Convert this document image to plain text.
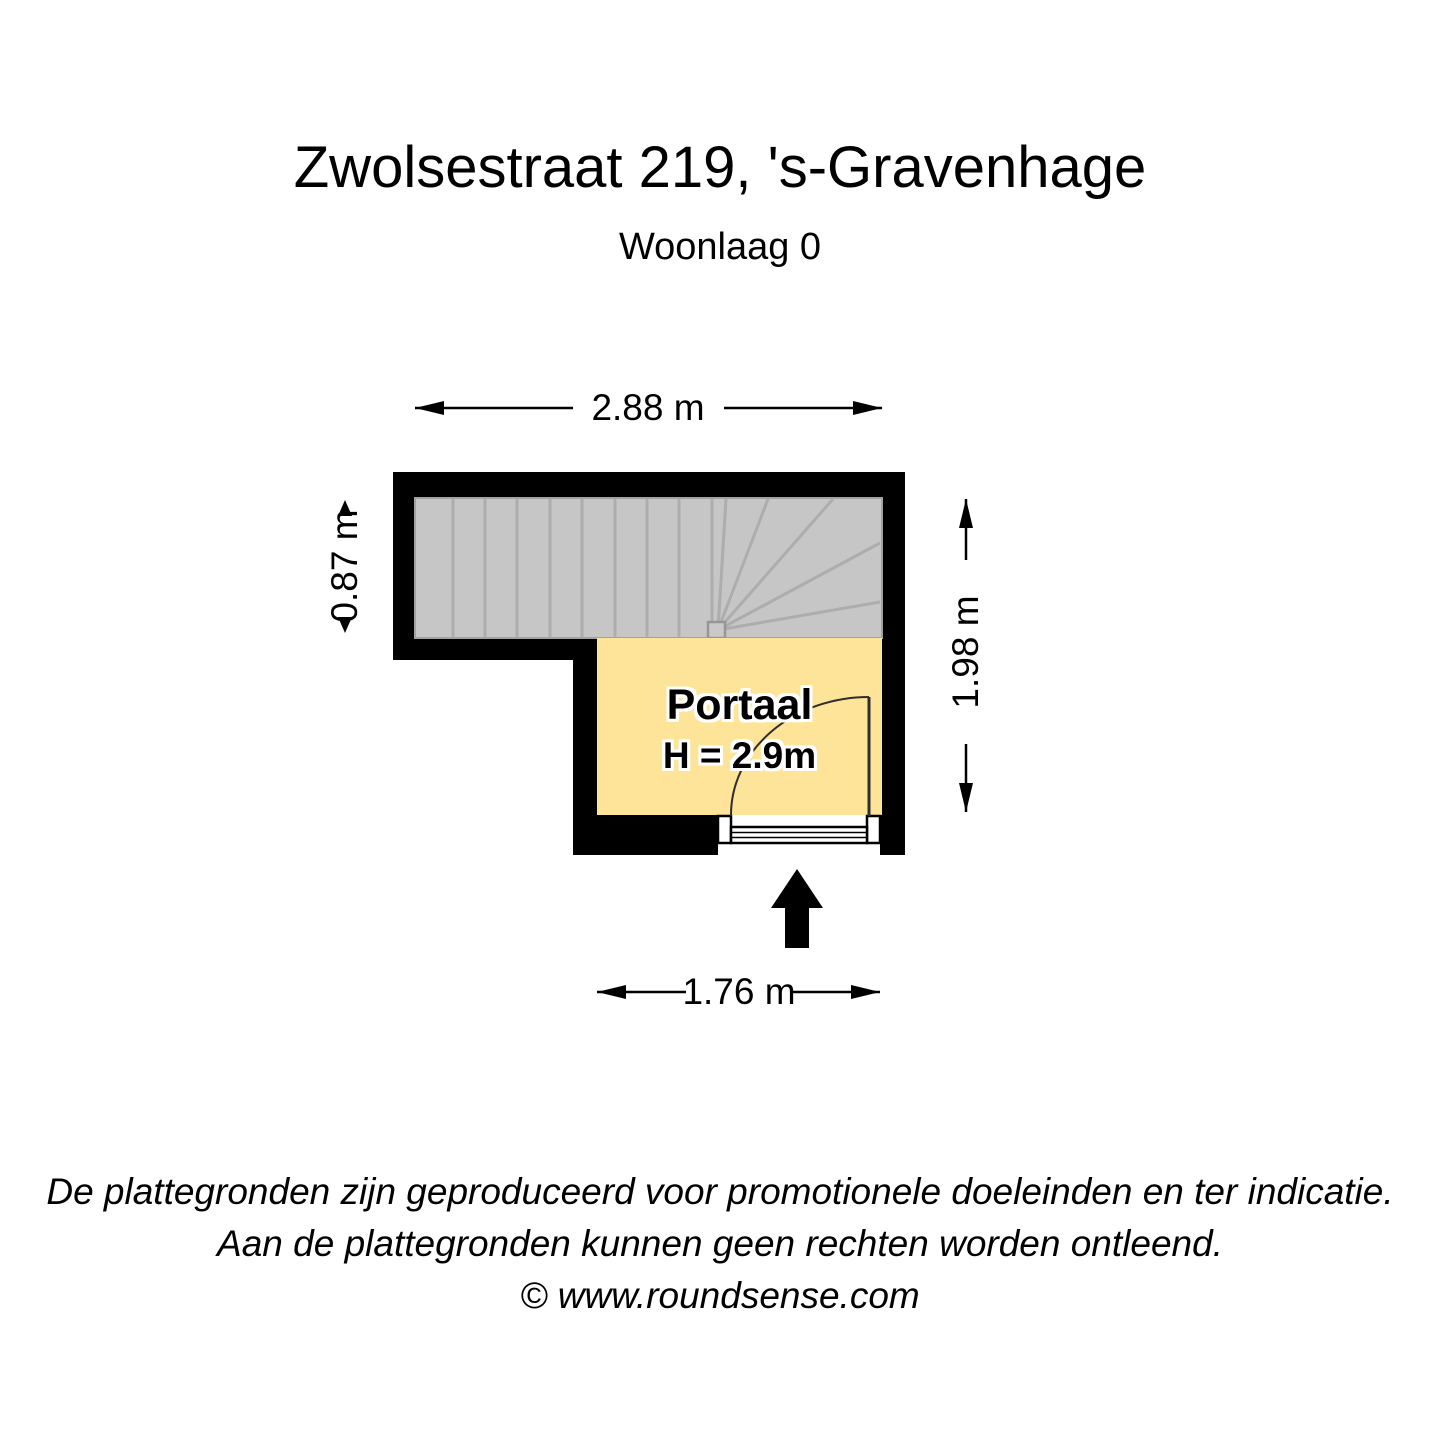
Zwolsestraat 219, 's-Gravenhage
Woonlaag 0
Portaal
H = 2.9m
2.88 m
1.76 m
1.98 m
0.87 m
De plattegronden zijn geproduceerd voor promotionele doeleinden en ter indicatie.
Aan de plattegronden kunnen geen rechten worden ontleend.
© www.roundsense.com
